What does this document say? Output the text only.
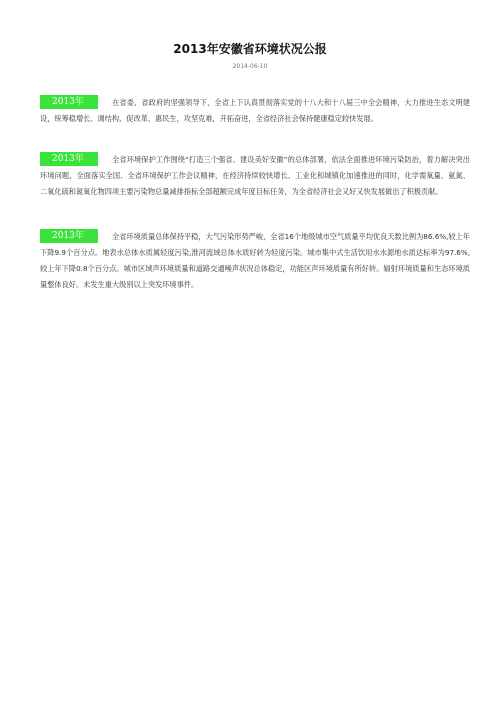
2013年安徽省环境状况公报
2014-06-10

2013年	在省委、省政府的坚强领导下，全省上下认真贯彻落实党的十八大和十八届三中全会精神，大力推进生态文明建设，统筹稳增长、调结构、促改革、惠民生，攻坚克难，开拓奋进，全省经济社会保持健康稳定较快发展。

2013年	全省环境保护工作围绕“打造三个强省、建设美好安徽”的总体部署，依法全面推进环境污染防治，着力解决突出环境问题，全面落实全国、全省环境保护工作会议精神，在经济持续较快增长、工业化和城镇化加速推进的同时，化学需氧量、氨氮、二氧化硫和氮氧化物四项主要污染物总量减排指标全部超额完成年度目标任务，为全省经济社会又好又快发展做出了积极贡献。

2013年	全省环境质量总体保持平稳，大气污染形势严峻，全省16个地级城市空气质量平均优良天数比例为86.6%,较上年下降9.9个百分点。地表水总体水质属轻度污染,淮河流域总体水质好转为轻度污染。城市集中式生活饮用水水源地水质达标率为97.6%,较上年下降0.8个百分点。城市区域声环境质量和道路交通噪声状况总体稳定，功能区声环境质量有所好转。辐射环境质量和生态环境质量整体良好。未发生重大级别以上突发环境事件。
